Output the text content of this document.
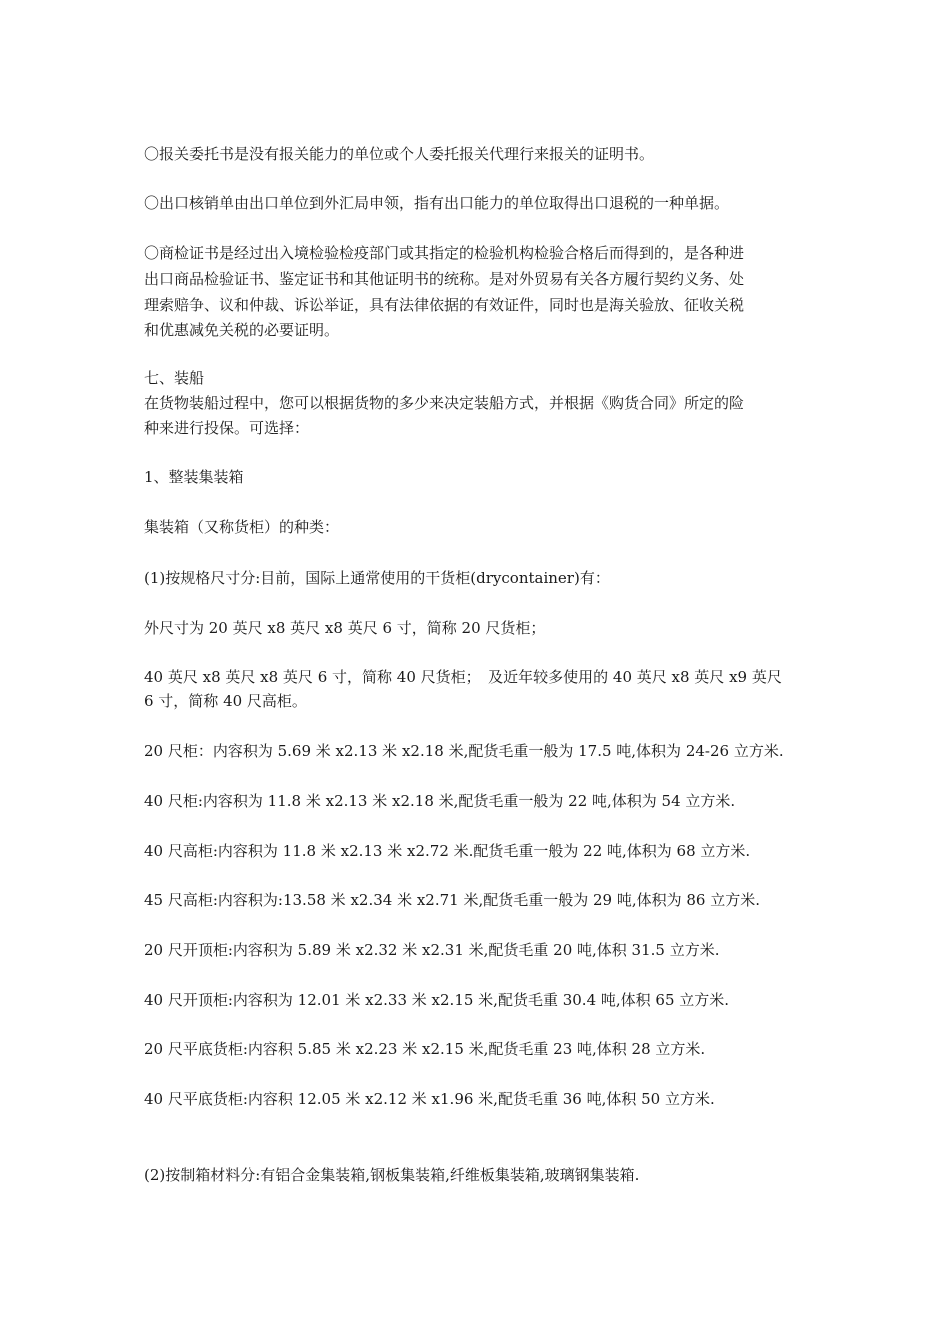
〇报关委托书是没有报关能力的单位或个人委托报关代理行来报关的证明书。
〇出口核销单由出口单位到外汇局申领，指有出口能力的单位取得出口退税的一种单据。
〇商检证书是经过出入境检验检疫部门或其指定的检验机构检验合格后而得到的，是各种进
出口商品检验证书、鉴定证书和其他证明书的统称。是对外贸易有关各方履行契约义务、处
理索赔争、议和仲裁、诉讼举证，具有法律依据的有效证件，同时也是海关验放、征收关税
和优惠减免关税的必要证明。
七、装船
在货物装船过程中，您可以根据货物的多少来决定装船方式，并根据《购货合同》所定的险
种来进行投保。可选择：
1、整装集装箱
集装箱（又称货柜）的种类：
(1)按规格尺寸分:目前，国际上通常使用的干货柜(drycontainer)有：
外尺寸为 20 英尺 x8 英尺 x8 英尺 6 寸，简称 20 尺货柜；
40 英尺 x8 英尺 x8 英尺 6 寸，简称 40 尺货柜；　及近年较多使用的 40 英尺 x8 英尺 x9 英尺
6 寸，简称 40 尺高柜。
20 尺柜：内容积为 5.69 米 x2.13 米 x2.18 米,配货毛重一般为 17.5 吨,体积为 24-26 立方米.
40 尺柜:内容积为 11.8 米 x2.13 米 x2.18 米,配货毛重一般为 22 吨,体积为 54 立方米.
40 尺高柜:内容积为 11.8 米 x2.13 米 x2.72 米.配货毛重一般为 22 吨,体积为 68 立方米.
45 尺高柜:内容积为:13.58 米 x2.34 米 x2.71 米,配货毛重一般为 29 吨,体积为 86 立方米.
20 尺开顶柜:内容积为 5.89 米 x2.32 米 x2.31 米,配货毛重 20 吨,体积 31.5 立方米.
40 尺开顶柜:内容积为 12.01 米 x2.33 米 x2.15 米,配货毛重 30.4 吨,体积 65 立方米.
20 尺平底货柜:内容积 5.85 米 x2.23 米 x2.15 米,配货毛重 23 吨,体积 28 立方米.
40 尺平底货柜:内容积 12.05 米 x2.12 米 x1.96 米,配货毛重 36 吨,体积 50 立方米.
(2)按制箱材料分:有铝合金集装箱,钢板集装箱,纤维板集装箱,玻璃钢集装箱.
